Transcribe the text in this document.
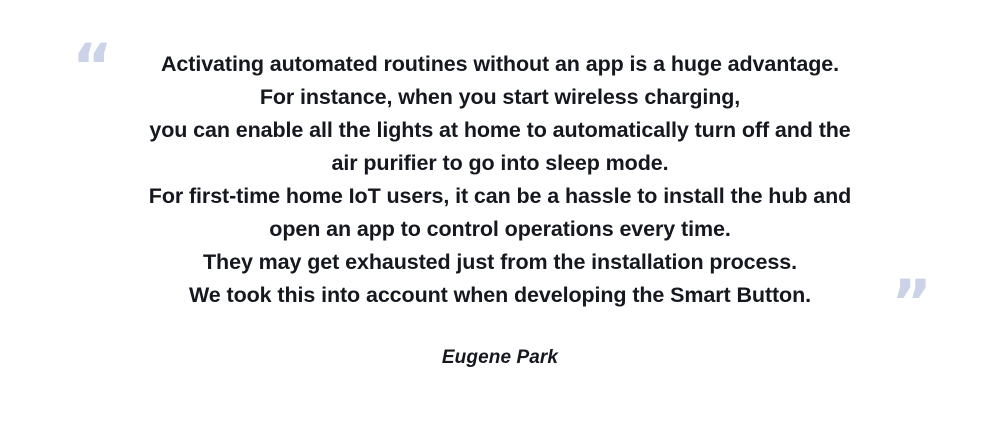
“	Activating automated routines without an app is a huge advantage.
For instance, when you start wireless charging,
you can enable all the lights at home to automatically turn off and the
air purifier to go into sleep mode.
For first-time home IoT users, it can be a hassle to install the hub and
open an app to control operations every time.
They may get exhausted just from the installation process.
We took this into account when developing the Smart Button.	”
Eugene Park
